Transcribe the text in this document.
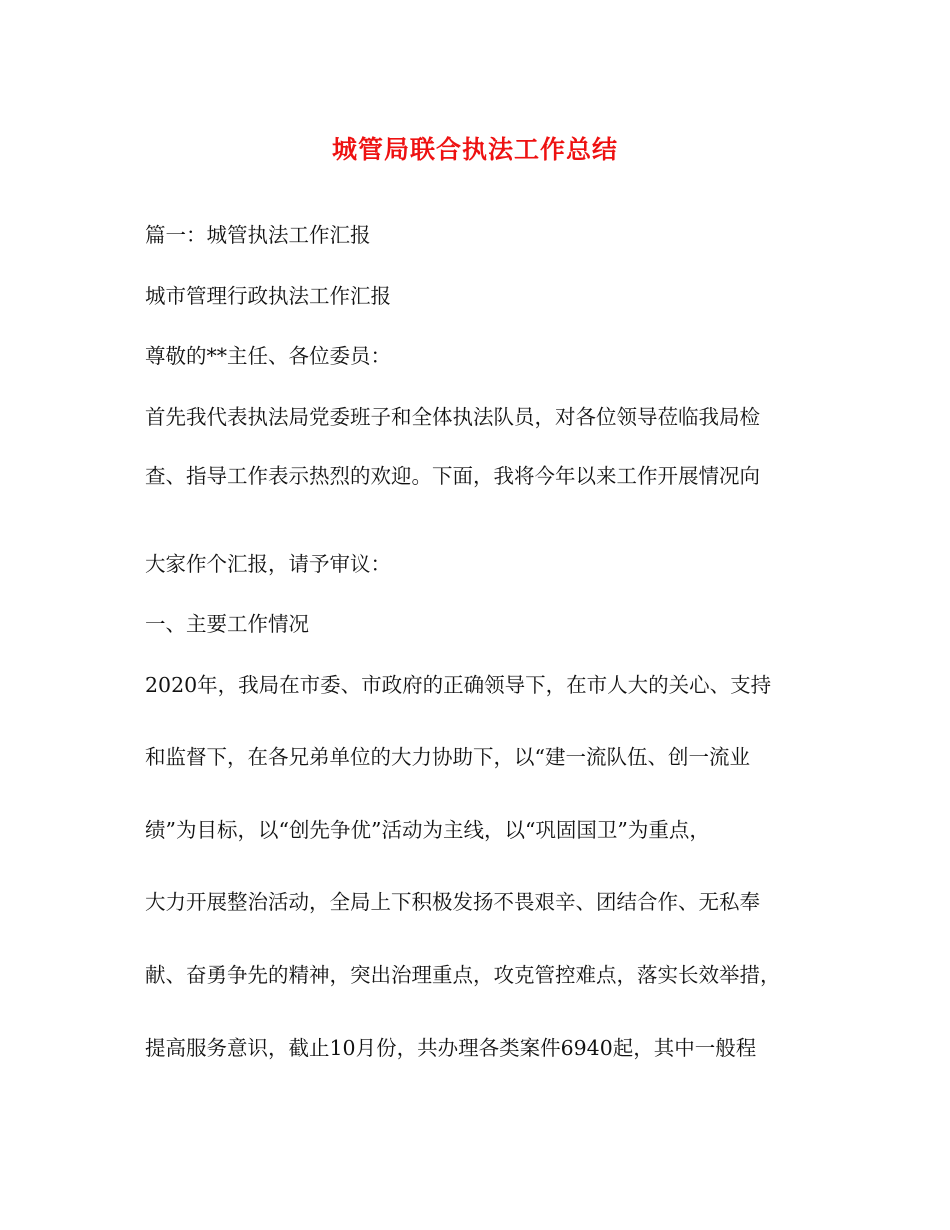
城管局联合执法工作总结
篇一：城管执法工作汇报
城市管理行政执法工作汇报
尊敬的**主任、各位委员：
首先我代表执法局党委班子和全体执法队员，对各位领导莅临我局检
查、指导工作表示热烈的欢迎。下面，我将今年以来工作开展情况向
大家作个汇报，请予审议：
一、主要工作情况
2020年，我局在市委、市政府的正确领导下，在市人大的关心、支持
和监督下，在各兄弟单位的大力协助下，以“建一流队伍、创一流业
绩”为目标，以“创先争优”活动为主线，以“巩固国卫”为重点，
大力开展整治活动，全局上下积极发扬不畏艰辛、团结合作、无私奉
献、奋勇争先的精神，突出治理重点，攻克管控难点，落实长效举措，
提高服务意识，截止10月份，共办理各类案件6940起，其中一般程
